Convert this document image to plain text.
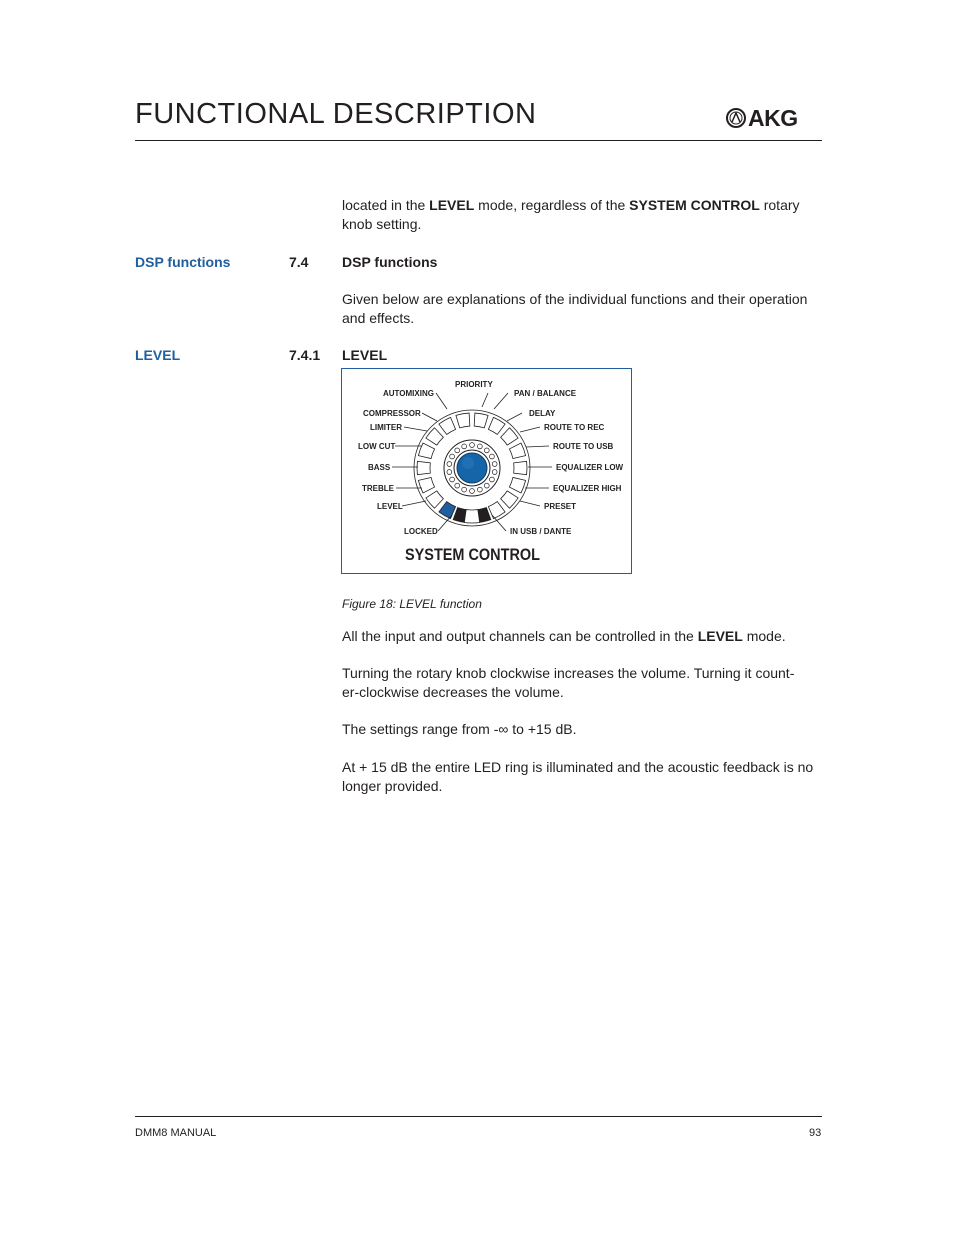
FUNCTIONAL DESCRIPTION	AKG
located in the LEVEL mode, regardless of the SYSTEM CONTROL rotary
knob setting.
DSP functions	7.4 DSP functions
Given below are explanations of the individual functions and their operation
and effects.
LEVEL	7.4.1 LEVEL
PRIORITY
AUTOMIXING	PAN / BALANCE
COMPRESSOR	DELAY
LIMITER	ROUTE TO REC
LOW CUT	ROUTE TO USB
BASS	EQUALIZER LOW
TREBLE	EQUALIZER HIGH
LEVEL	PRESET
LOCKED	IN USB / DANTE
SYSTEM CONTROL
Figure 18: LEVEL function
All the input and output channels can be controlled in the LEVEL mode.
Turning the rotary knob clockwise increases the volume. Turning it count-
er-clockwise decreases the volume.
The settings range from -∞ to +15 dB.
At + 15 dB the entire LED ring is illuminated and the acoustic feedback is no
longer provided.
DMM8 MANUAL	93
